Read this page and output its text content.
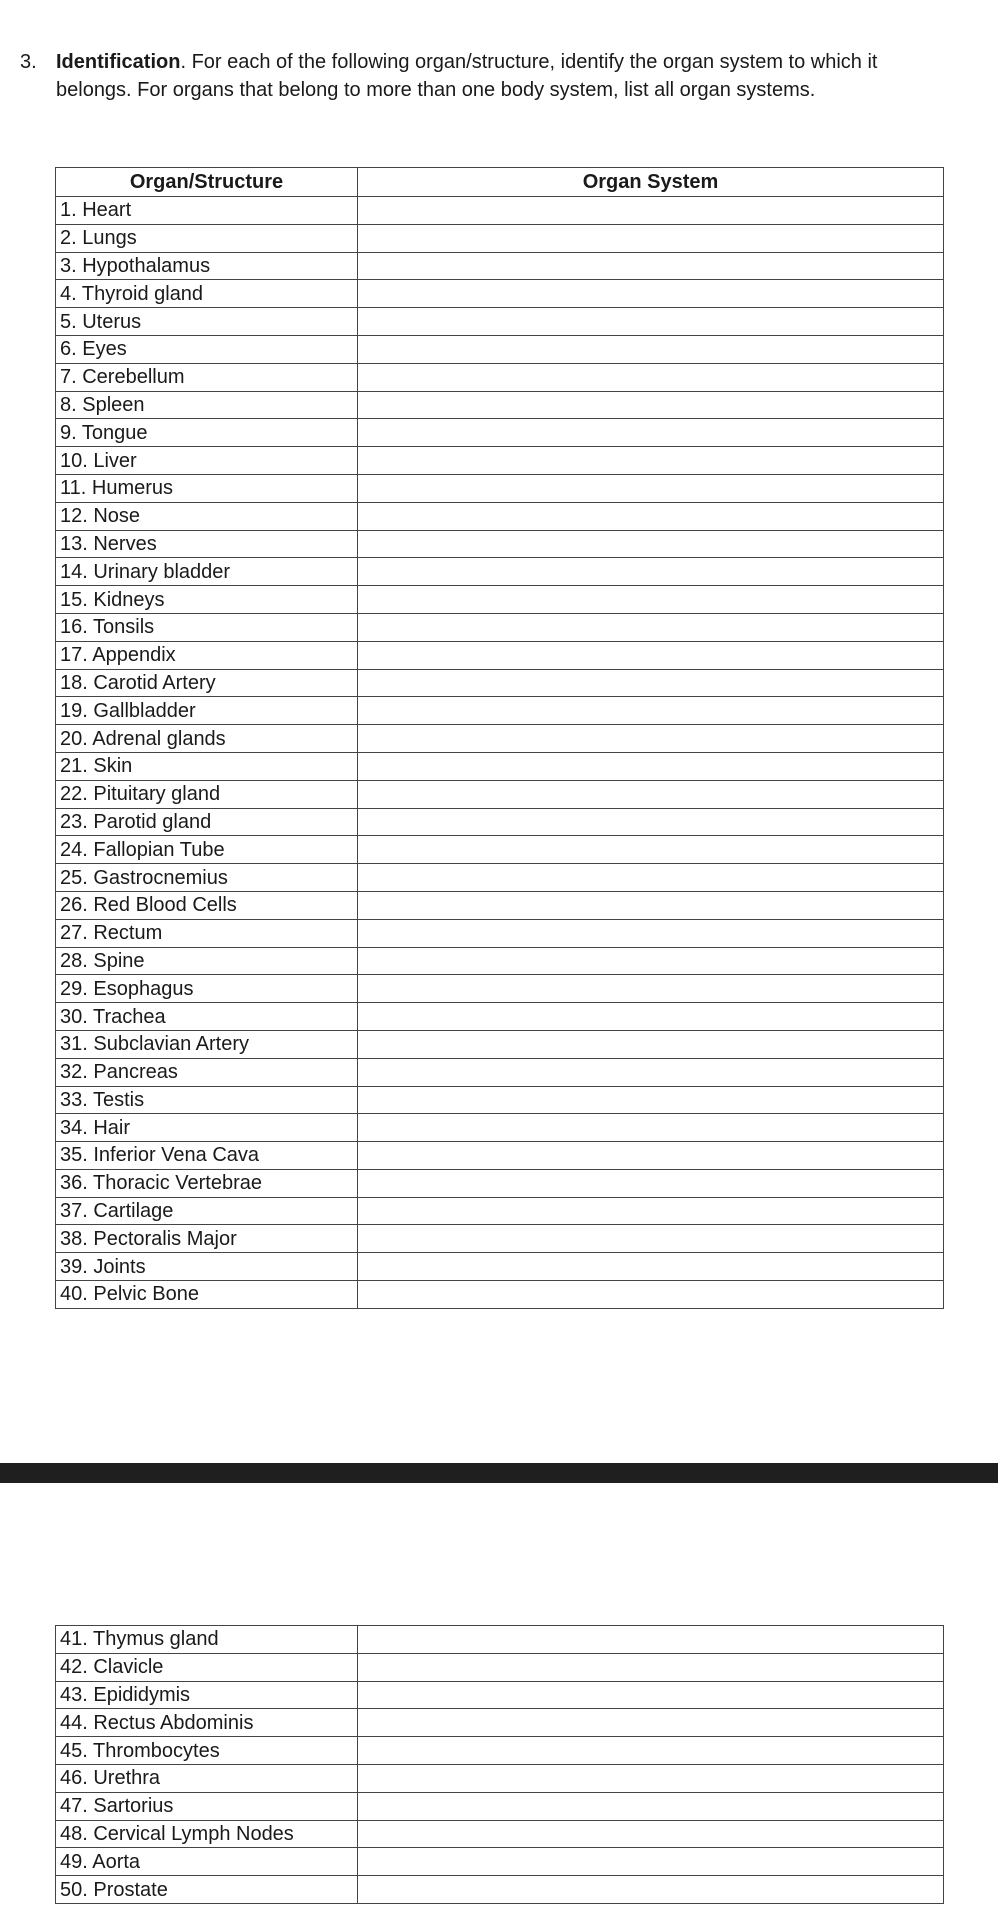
3. Identification. For each of the following organ/structure, identify the organ system to which it belongs. For organs that belong to more than one body system, list all organ systems.
Organ/Structure	Organ System
1. Heart	
2. Lungs	
3. Hypothalamus	
4. Thyroid gland	
5. Uterus	
6. Eyes	
7. Cerebellum	
8. Spleen	
9. Tongue	
10. Liver	
11. Humerus	
12. Nose	
13. Nerves	
14. Urinary bladder	
15. Kidneys	
16. Tonsils	
17. Appendix	
18. Carotid Artery	
19. Gallbladder	
20. Adrenal glands	
21. Skin	
22. Pituitary gland	
23. Parotid gland	
24. Fallopian Tube	
25. Gastrocnemius	
26. Red Blood Cells	
27. Rectum	
28. Spine	
29. Esophagus	
30. Trachea	
31. Subclavian Artery	
32. Pancreas	
33. Testis	
34. Hair	
35. Inferior Vena Cava	
36. Thoracic Vertebrae	
37. Cartilage	
38. Pectoralis Major	
39. Joints	
40. Pelvic Bone	
41. Thymus gland	
42. Clavicle	
43. Epididymis	
44. Rectus Abdominis	
45. Thrombocytes	
46. Urethra	
47. Sartorius	
48. Cervical Lymph Nodes	
49. Aorta	
50. Prostate	
